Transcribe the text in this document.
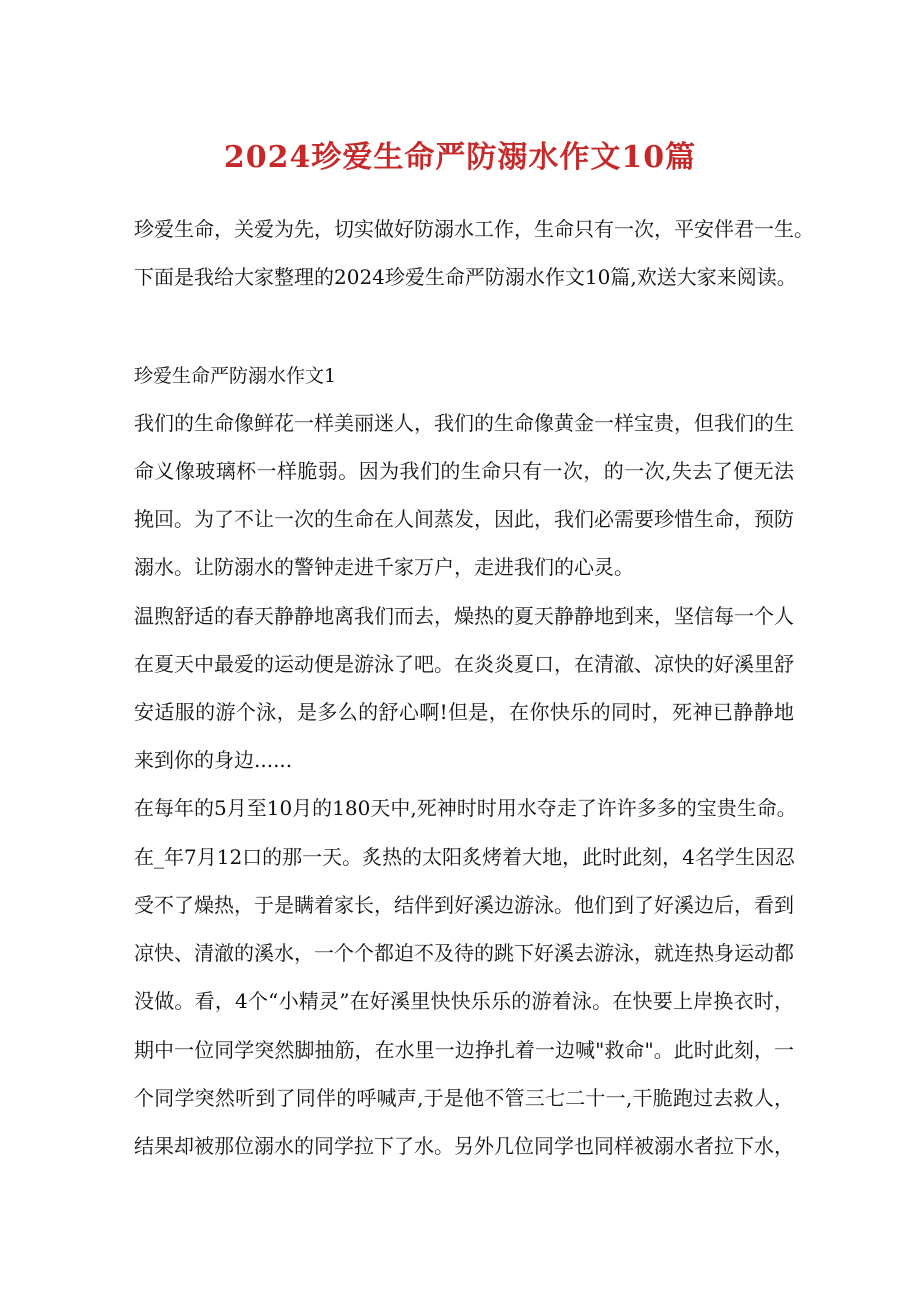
2024珍爱生命严防溺水作文10篇
珍爱生命，关爱为先，切实做好防溺水工作，生命只有一次，平安伴君一生。
下面是我给大家整理的2024珍爱生命严防溺水作文10篇,欢送大家来阅读。
珍爱生命严防溺水作文1
我们的生命像鲜花一样美丽迷人，我们的生命像黄金一样宝贵，但我们的生
命义像玻璃杯一样脆弱。因为我们的生命只有一次，的一次,失去了便无法
挽回。为了不让一次的生命在人间蒸发，因此，我们必需要珍惜生命，预防
溺水。让防溺水的警钟走进千家万户，走进我们的心灵。
温煦舒适的春天静静地离我们而去，燥热的夏天静静地到来，坚信每一个人
在夏天中最爱的运动便是游泳了吧。在炎炎夏口，在清澈、凉快的好溪里舒
安适服的游个泳，是多么的舒心啊!但是，在你快乐的同时，死神已静静地
来到你的身边......
在每年的5月至10月的180天中,死神时时用水夺走了许许多多的宝贵生命。
在_年7月12口的那一天。炙热的太阳炙烤着大地，此时此刻，4名学生因忍
受不了燥热，于是瞒着家长，结伴到好溪边游泳。他们到了好溪边后，看到
凉快、清澈的溪水，一个个都迫不及待的跳下好溪去游泳，就连热身运动都
没做。看，4个“小精灵”在好溪里快快乐乐的游着泳。在快要上岸换衣时，
期中一位同学突然脚抽筋，在水里一边挣扎着一边喊"救命"。此时此刻，一
个同学突然听到了同伴的呼喊声,于是他不管三七二十一,干脆跑过去救人，
结果却被那位溺水的同学拉下了水。另外几位同学也同样被溺水者拉下水，
